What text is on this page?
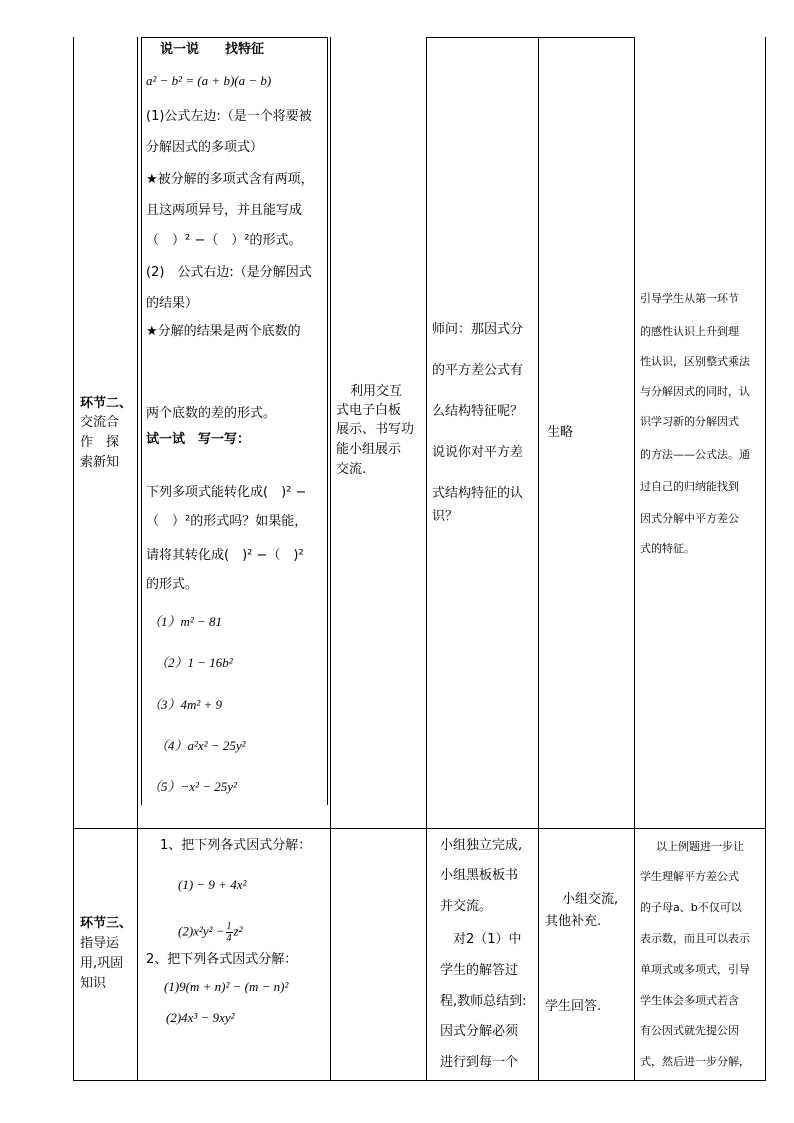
环节二、
交流合
作　探
索新知
说一说　　找特征
a² − b² = (a + b)(a − b)
(1)公式左边:（是一个将要被
分解因式的多项式）
★被分解的多项式含有两项，
且这两项异号，并且能写成
（　）² −（　）²的形式。
(2)　公式右边:（是分解因式
的结果）
★分解的结果是两个底数的
两个底数的差的形式。
试一试　写一写：
下列多项式能转化成(　)² −
（　）²的形式吗？如果能，
请将其转化成(　)² −（　)²
的形式。
（1）m² − 81
（2）1 − 16b²
（3）4m² + 9
（4）a²x² − 25y²
（5）−x² − 25y²
利用交互
式电子白板
展示、书写功
能小组展示
交流.
师问：那因式分
的平方差公式有
么结构特征呢？
说说你对平方差
式结构特征的认
识？
生略
引导学生从第一环节
的感性认识上升到理
性认识，区别整式乘法
与分解因式的同时，认
识学习新的分解因式
的方法——公式法。通
过自己的归纳能找到
因式分解中平方差公
式的特征。
环节三、
指导运
用,巩固
知识
1、把下列各式因式分解：
(1) − 9 + 4x²
$(2)x^2y^2 - \frac{1}{4} z^2$
2、把下列各式因式分解：
(1)9(m + n)² − (m − n)²
(2)4x³ − 9xy²
小组独立完成,
小组黑板板书
并交流。
　对2（1）中
学生的解答过
程,教师总结到:
因式分解必须
进行到每一个
小组交流,
其他补充.
学生回答.
以上例题进一步让
学生理解平方差公式
的子母a、b不仅可以
表示数，而且可以表示
单项式或多项式，引导
学生体会多项式若含
有公因式就先提公因
式，然后进一步分解，
